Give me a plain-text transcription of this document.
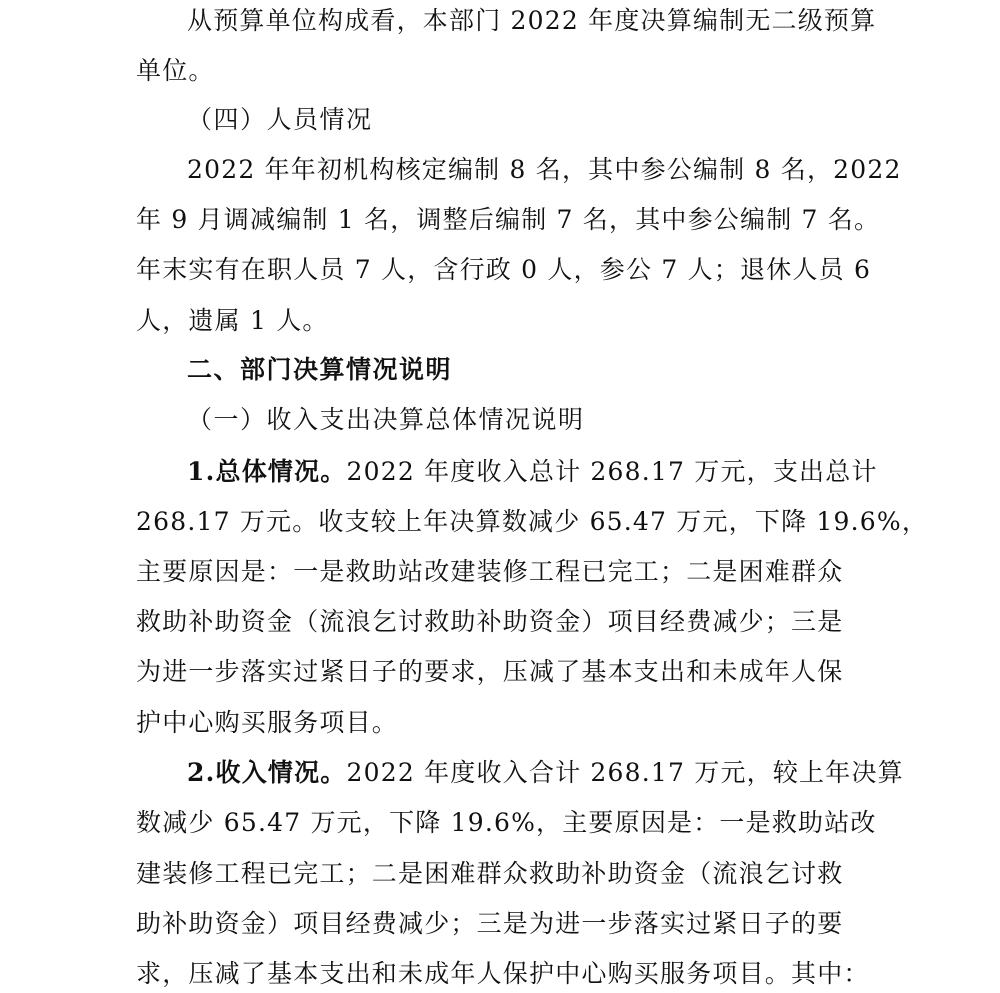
从预算单位构成看，本部门 2022 年度决算编制无二级预算
单位。
（四）人员情况
2022 年年初机构核定编制 8 名，其中参公编制 8 名，2022
年 9 月调减编制 1 名，调整后编制 7 名，其中参公编制 7 名。
年末实有在职人员 7 人，含行政 0 人，参公 7 人；退休人员 6
人，遗属 1 人。
二、部门决算情况说明
（一）收入支出决算总体情况说明
1.总体情况。2022 年度收入总计 268.17 万元，支出总计
268.17 万元。收支较上年决算数减少 65.47 万元，下降 19.6%，
主要原因是：一是救助站改建装修工程已完工；二是困难群众
救助补助资金（流浪乞讨救助补助资金）项目经费减少；三是
为进一步落实过紧日子的要求，压减了基本支出和未成年人保
护中心购买服务项目。
2.收入情况。2022 年度收入合计 268.17 万元，较上年决算
数减少 65.47 万元，下降 19.6%，主要原因是：一是救助站改
建装修工程已完工；二是困难群众救助补助资金（流浪乞讨救
助补助资金）项目经费减少；三是为进一步落实过紧日子的要
求，压减了基本支出和未成年人保护中心购买服务项目。其中：
